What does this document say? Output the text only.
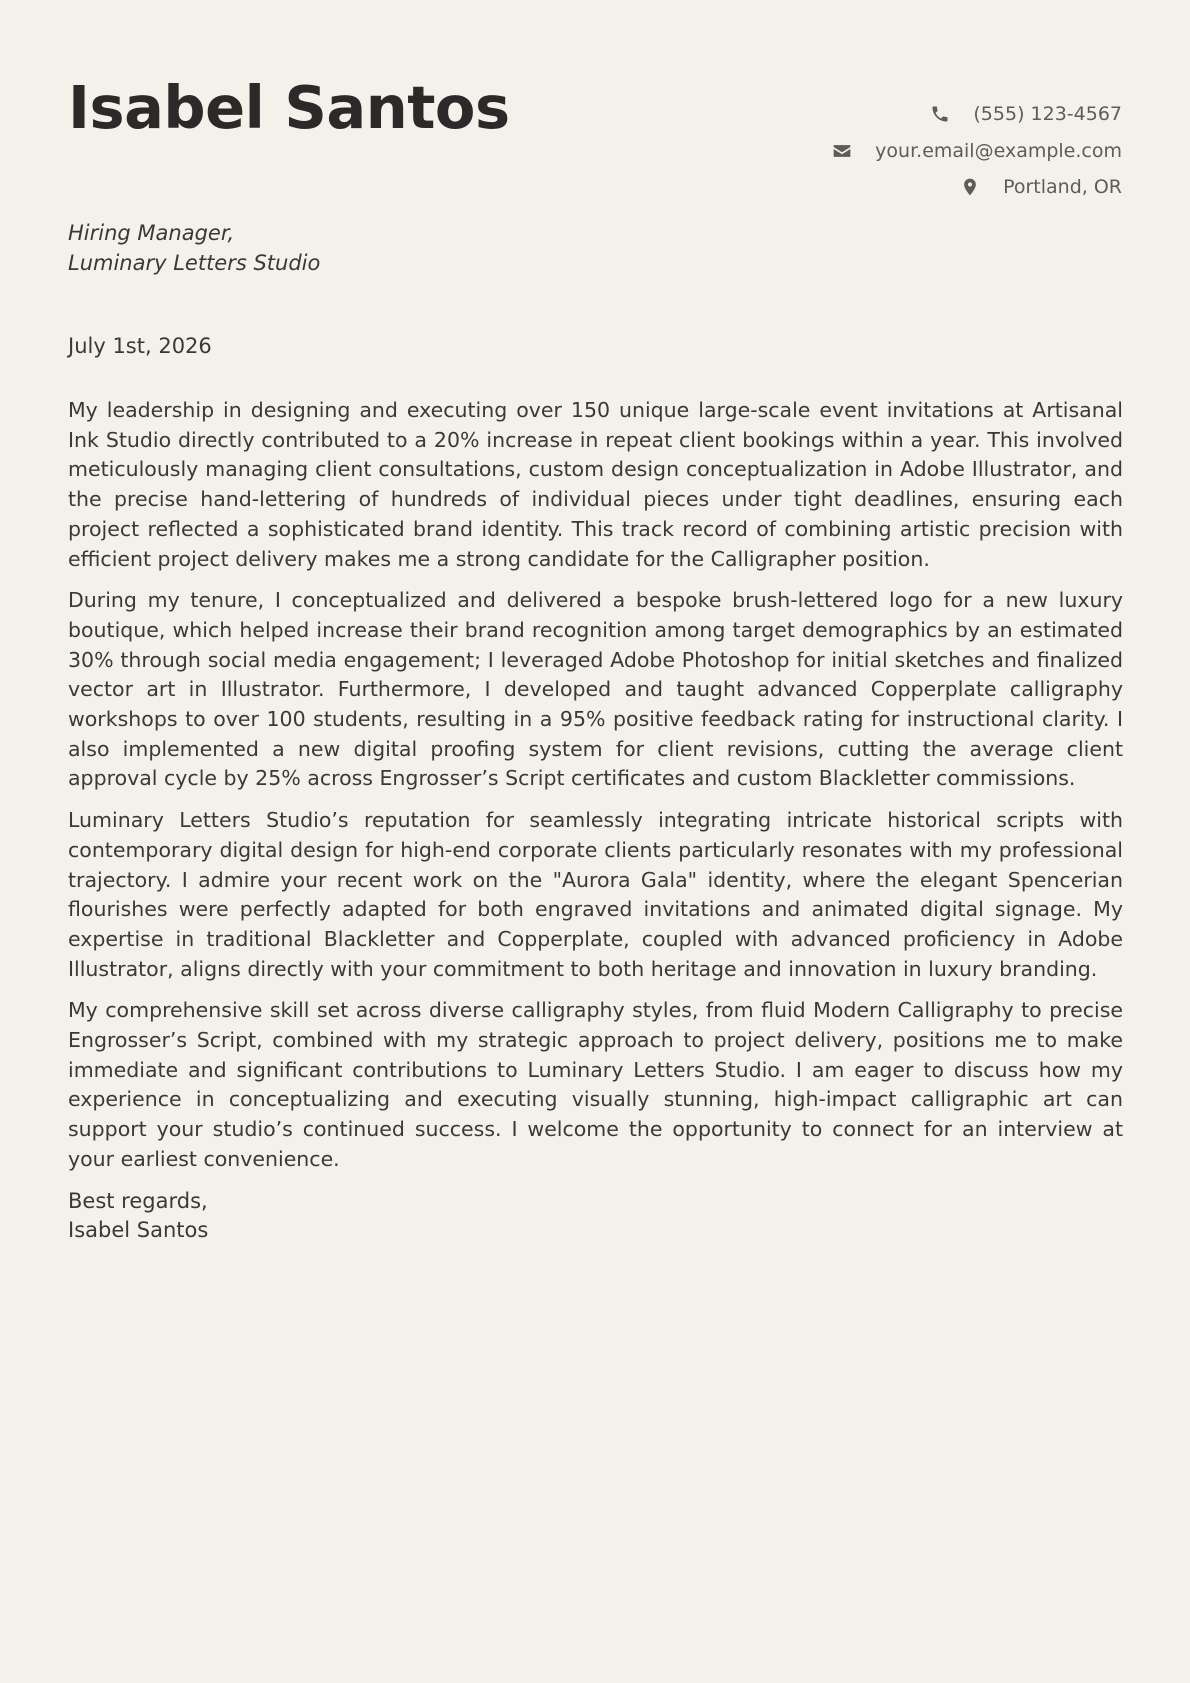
Isabel Santos	(555) 123-4567
your.email@example.com
Portland, OR
Hiring Manager,
Luminary Letters Studio
July 1st, 2026

My leadership in designing and executing over 150 unique large-scale event invitations at Artisanal Ink Studio directly contributed to a 20% increase in repeat client bookings within a year. This involved meticulously managing client consultations, custom design conceptualization in Adobe Illustrator, and the precise hand-lettering of hundreds of individual pieces under tight deadlines, ensuring each project reflected a sophisticated brand identity. This track record of combining artistic precision with efficient project delivery makes me a strong candidate for the Calligrapher position.

During my tenure, I conceptualized and delivered a bespoke brush-lettered logo for a new luxury boutique, which helped increase their brand recognition among target demographics by an estimated 30% through social media engagement; I leveraged Adobe Photoshop for initial sketches and finalized vector art in Illustrator. Furthermore, I developed and taught advanced Copperplate calligraphy workshops to over 100 students, resulting in a 95% positive feedback rating for instructional clarity. I also implemented a new digital proofing system for client revisions, cutting the average client approval cycle by 25% across Engrosser’s Script certificates and custom Blackletter commissions.

Luminary Letters Studio’s reputation for seamlessly integrating intricate historical scripts with contemporary digital design for high-end corporate clients particularly resonates with my professional trajectory. I admire your recent work on the "Aurora Gala" identity, where the elegant Spencerian flourishes were perfectly adapted for both engraved invitations and animated digital signage. My expertise in traditional Blackletter and Copperplate, coupled with advanced proficiency in Adobe Illustrator, aligns directly with your commitment to both heritage and innovation in luxury branding.

My comprehensive skill set across diverse calligraphy styles, from fluid Modern Calligraphy to precise Engrosser’s Script, combined with my strategic approach to project delivery, positions me to make immediate and significant contributions to Luminary Letters Studio. I am eager to discuss how my experience in conceptualizing and executing visually stunning, high-impact calligraphic art can support your studio’s continued success. I welcome the opportunity to connect for an interview at your earliest convenience.

Best regards,
Isabel Santos
